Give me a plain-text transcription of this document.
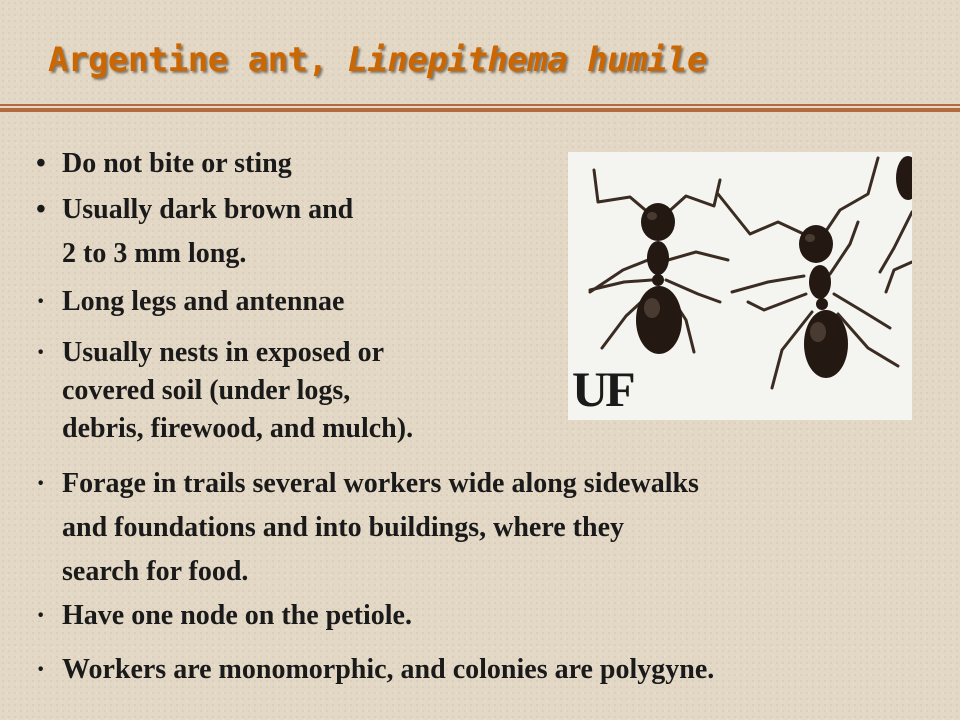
Argentine ant, Linepithema humile
• Do not bite or sting
• Usually dark brown and
2 to 3 mm long.
· Long legs and antennae
· Usually nests in exposed or
covered soil (under logs,
debris, firewood, and mulch).
· Forage in trails several workers wide along sidewalks
and foundations and into buildings, where they
search for food.
· Have one node on the petiole.
· Workers are monomorphic, and colonies are polygyne.
UF
